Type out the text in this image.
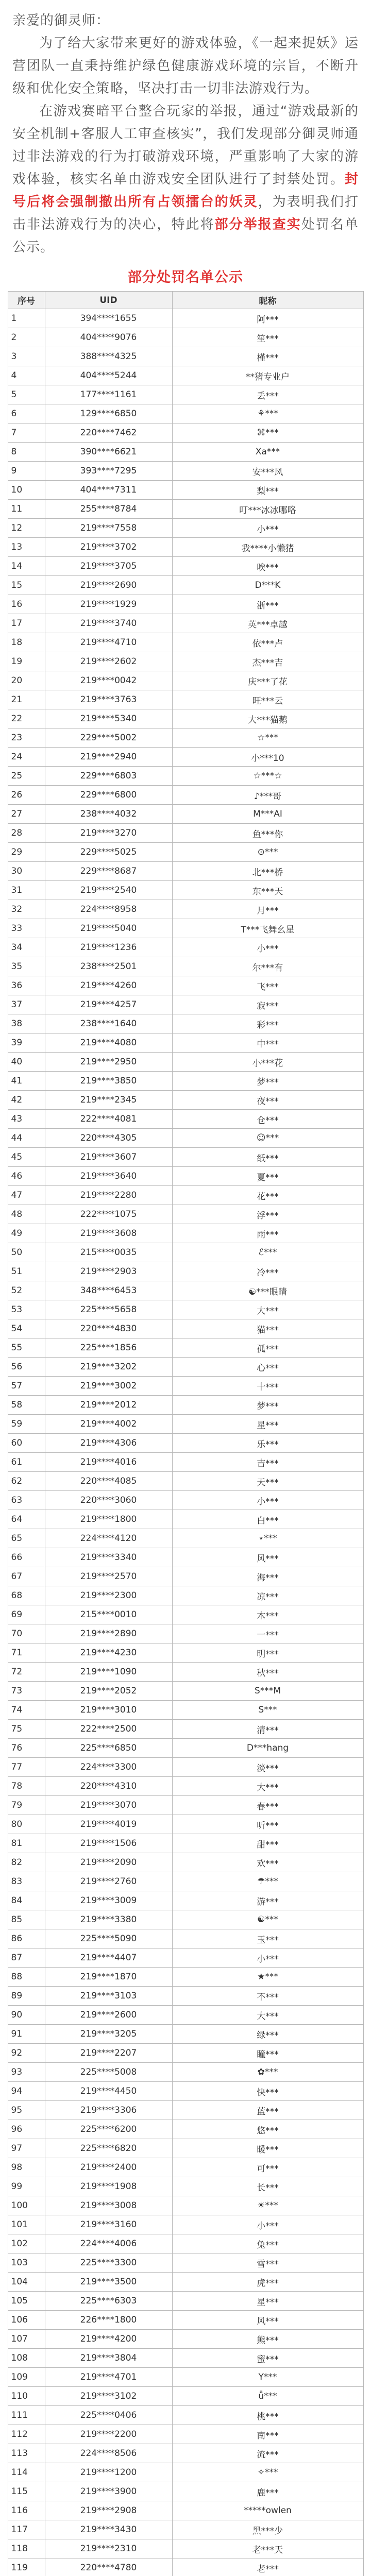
亲爱的御灵师：

为了给大家带来更好的游戏体验，《一起来捉妖》运营团队一直秉持维护绿色健康游戏环境的宗旨，不断升级和优化安全策略，坚决打击一切非法游戏行为。

在游戏赛暗平台整合玩家的举报，通过“游戏最新的安全机制+客服人工审查核实”，我们发现部分御灵师通过非法游戏的行为打破游戏环境，严重影响了大家的游戏体验，核实名单由游戏安全团队进行了封禁处罚。封号后将会强制撤出所有占领擂台的妖灵，为表明我们打击非法游戏行为的决心，特此将部分举报查实处罚名单公示。

部分处罚名单公示
序号	UID	昵称
1	394****1655	阿***
2	404****9076	笙***
3	388****4325	槿***
4	404****5244	**猪专业户
5	177****1161	丢***
6	129****6850	⚘***
7	220****7462	⌘***
8	390****6621	Xa***
9	393****7295	安***风
10	404****7311	梨***
11	255****8784	叮***冰冰哪咯
12	219****7558	小***
13	219****3702	我****小懒猪
14	219****3705	唉***
15	219****2690	D***K
16	219****1929	浙***
17	219****3740	英***卓越
18	219****4710	依***卢
19	219****2602	杰***吉
20	219****0042	庆***了花
21	219****3763	旺***云
22	219****5340	大***猫鹅
23	229****5002	☆***
24	219****2940	小***10
25	229****6803	☆***☆
26	229****6800	♪***哥
27	238****4032	M***AI
28	219****3270	鱼***你
29	229****5025	⊙***
30	229****8687	北***桥
31	219****2540	东***天
32	224****8958	月***
33	219****5040	T***飞舞幺星
34	219****1236	小***
35	238****2501	尔***有
36	219****4260	飞***
37	219****4257	寂***
38	238****1640	彩***
39	219****4080	中***
40	219****2950	小***花
41	219****3850	梦***
42	219****2345	夜***
43	222****4081	仓***
44	220****4305	☺***
45	219****3607	纸***
46	219****3640	夏***
47	219****2280	花***
48	222****1075	浮***
49	219****3608	雨***
50	215****0035	ℰ***
51	219****2903	冷***
52	348****6453	☯***眼睛
53	225****5658	大***
54	220****4830	猫***
55	225****1856	孤***
56	219****3202	心***
57	219****3002	十***
58	219****2012	梦***
59	219****4002	星***
60	219****4306	乐***
61	219****4016	吉***
62	220****4085	天***
63	220****3060	小***
64	219****1800	白***
65	224****4120	⋆***
66	219****3340	风***
67	219****2570	海***
68	219****2300	凉***
69	215****0010	木***
70	219****2890	一***
71	219****4230	明***
72	219****1090	秋***
73	219****2052	S***M
74	219****3010	S***
75	222****2500	清***
76	225****6850	D***hang
77	224****3300	淡***
78	220****4310	大***
79	219****3070	春***
80	219****4019	听***
81	219****1506	甜***
82	219****2090	欢***
83	219****2760	☂***
84	219****3009	游***
85	219****3380	☯***
86	225****5090	玉***
87	219****4407	小***
88	219****1870	★***
89	219****3103	不***
90	219****2600	大***
91	219****3205	绿***
92	219****2207	瞳***
93	225****5008	✿***
94	219****4450	快***
95	219****3306	蓝***
96	225****6200	悠***
97	225****6820	暖***
98	219****2400	可***
99	219****1908	长***
100	219****3008	☀***
101	219****3160	小***
102	224****4006	兔***
103	225****3300	雪***
104	219****3500	虎***
105	225****6303	星***
106	226****1800	风***
107	219****4200	熊***
108	219****3804	蜜***
109	219****4701	Y***
110	219****3102	ǖ***
111	225****0406	桃***
112	219****2200	南***
113	224****8506	流***
114	219****1200	✧***
115	219****3900	鹿***
116	219****2908	*****owlen
117	219****3430	黑***少
118	219****2310	老***天
119	220****4780	老***
